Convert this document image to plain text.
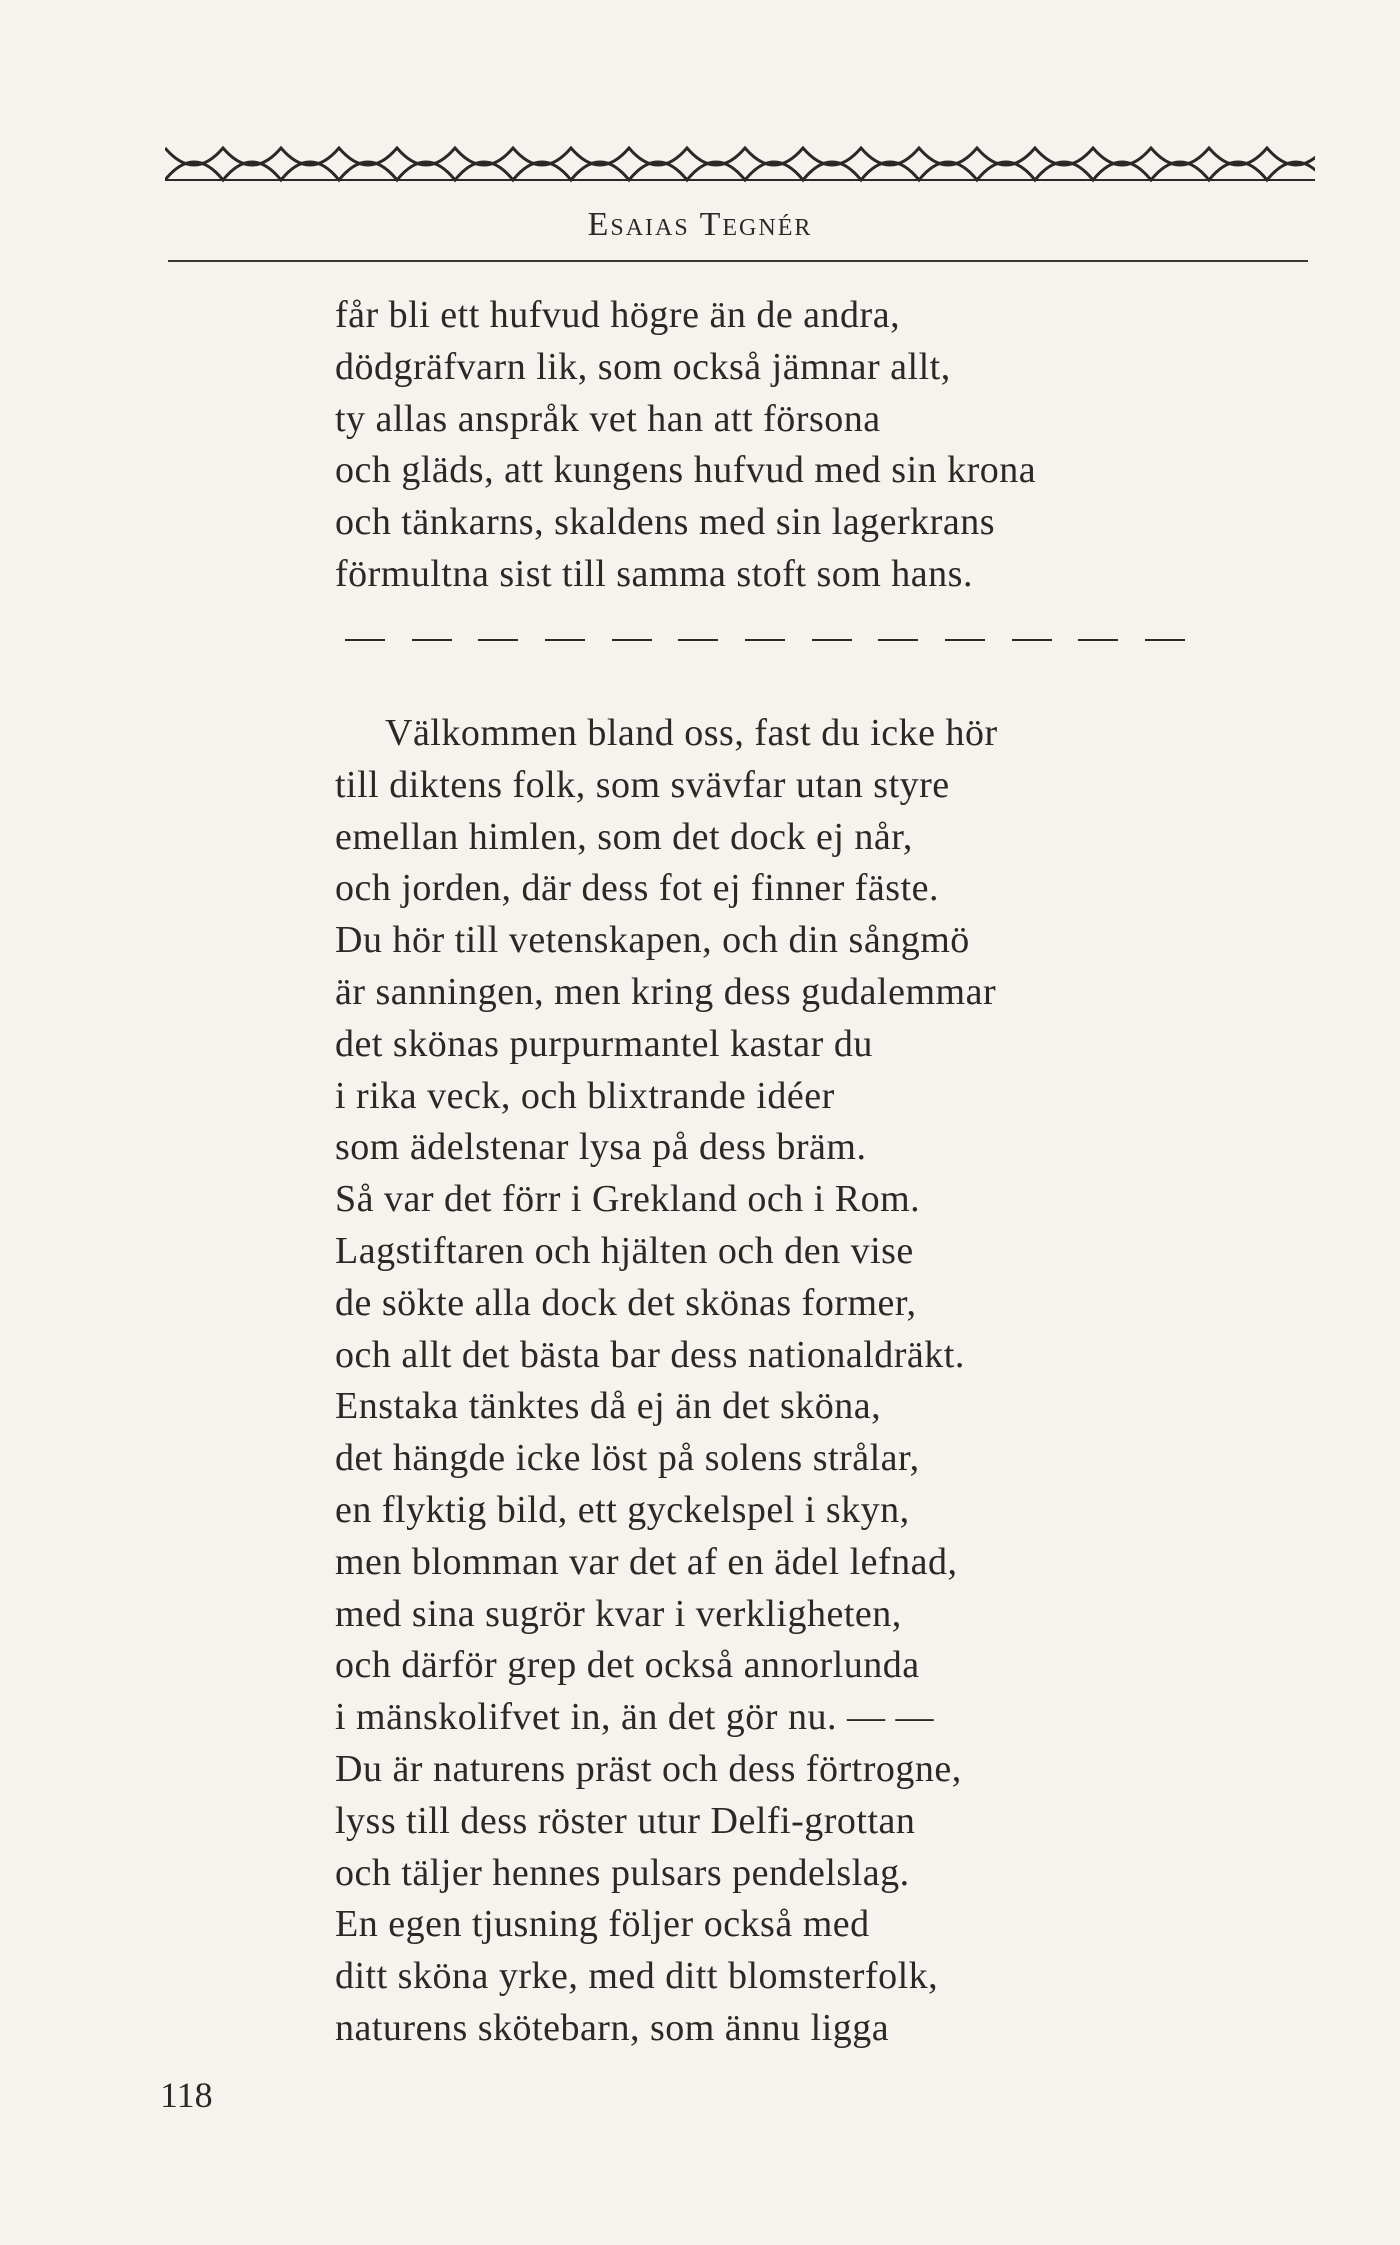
Esaias Tegnér
får bli ett hufvud högre än de andra,
dödgräfvarn lik, som också jämnar allt,
ty allas anspråk vet han att försona
och gläds, att kungens hufvud med sin krona
och tänkarns, skaldens med sin lagerkrans
förmultna sist till samma stoft som hans.
Välkommen bland oss, fast du icke hör
till diktens folk, som svävfar utan styre
emellan himlen, som det dock ej når,
och jorden, där dess fot ej finner fäste.
Du hör till vetenskapen, och din sångmö
är sanningen, men kring dess gudalemmar
det skönas purpurmantel kastar du
i rika veck, och blixtrande idéer
som ädelstenar lysa på dess bräm.
Så var det förr i Grekland och i Rom.
Lagstiftaren och hjälten och den vise
de sökte alla dock det skönas former,
och allt det bästa bar dess nationaldräkt.
Enstaka tänktes då ej än det sköna,
det hängde icke löst på solens strålar,
en flyktig bild, ett gyckelspel i skyn,
men blomman var det af en ädel lefnad,
med sina sugrör kvar i verkligheten,
och därför grep det också annorlunda
i mänskolifvet in, än det gör nu. — —
Du är naturens präst och dess förtrogne,
lyss till dess röster utur Delfi-grottan
och täljer hennes pulsars pendelslag.
En egen tjusning följer också med
ditt sköna yrke, med ditt blomsterfolk,
naturens skötebarn, som ännu ligga
118
